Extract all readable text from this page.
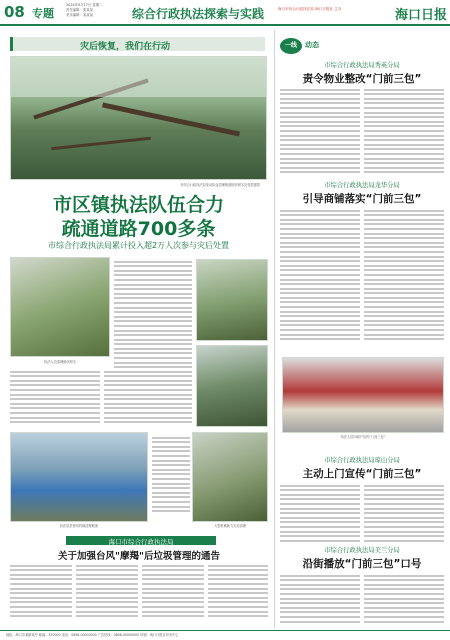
08 专题
2024年9月17日 星期二
责任编辑：张某某
美术编辑：某某某	综合行政执法探索与实践	海口市综合行政执法局 海口日报社 主办	海口日报
灾后恢复，我们在行动
市综合行政执法局发动队伍清理街道倒伏树木及受损建筑
市区镇执法队伍合力
疏通道路700多条
市综合行政执法局累计投入超2万人次参与灾后处置
执法人员清理倒伏树木
执法队员使用机械清理路面	大型机械助力灾后清理
海口市综合行政执法局
关于加强台风"摩羯"后垃圾管理的通告
一线	动态
市综合行政执法局秀英分局
责令物业整改“门前三包”
市综合行政执法局龙华分局
引导商铺落实“门前三包”
执法人员向商户宣传“门前三包”
市综合行政执法局琼山分局
主动上门宣传“门前三包”
市综合行政执法局美兰分局
沿街播放“门前三包”口号
地址：海口市某路某号 邮编：570000 电话：0898-00000000 广告热线：0898-00000000 印刷：海口日报社印务中心
